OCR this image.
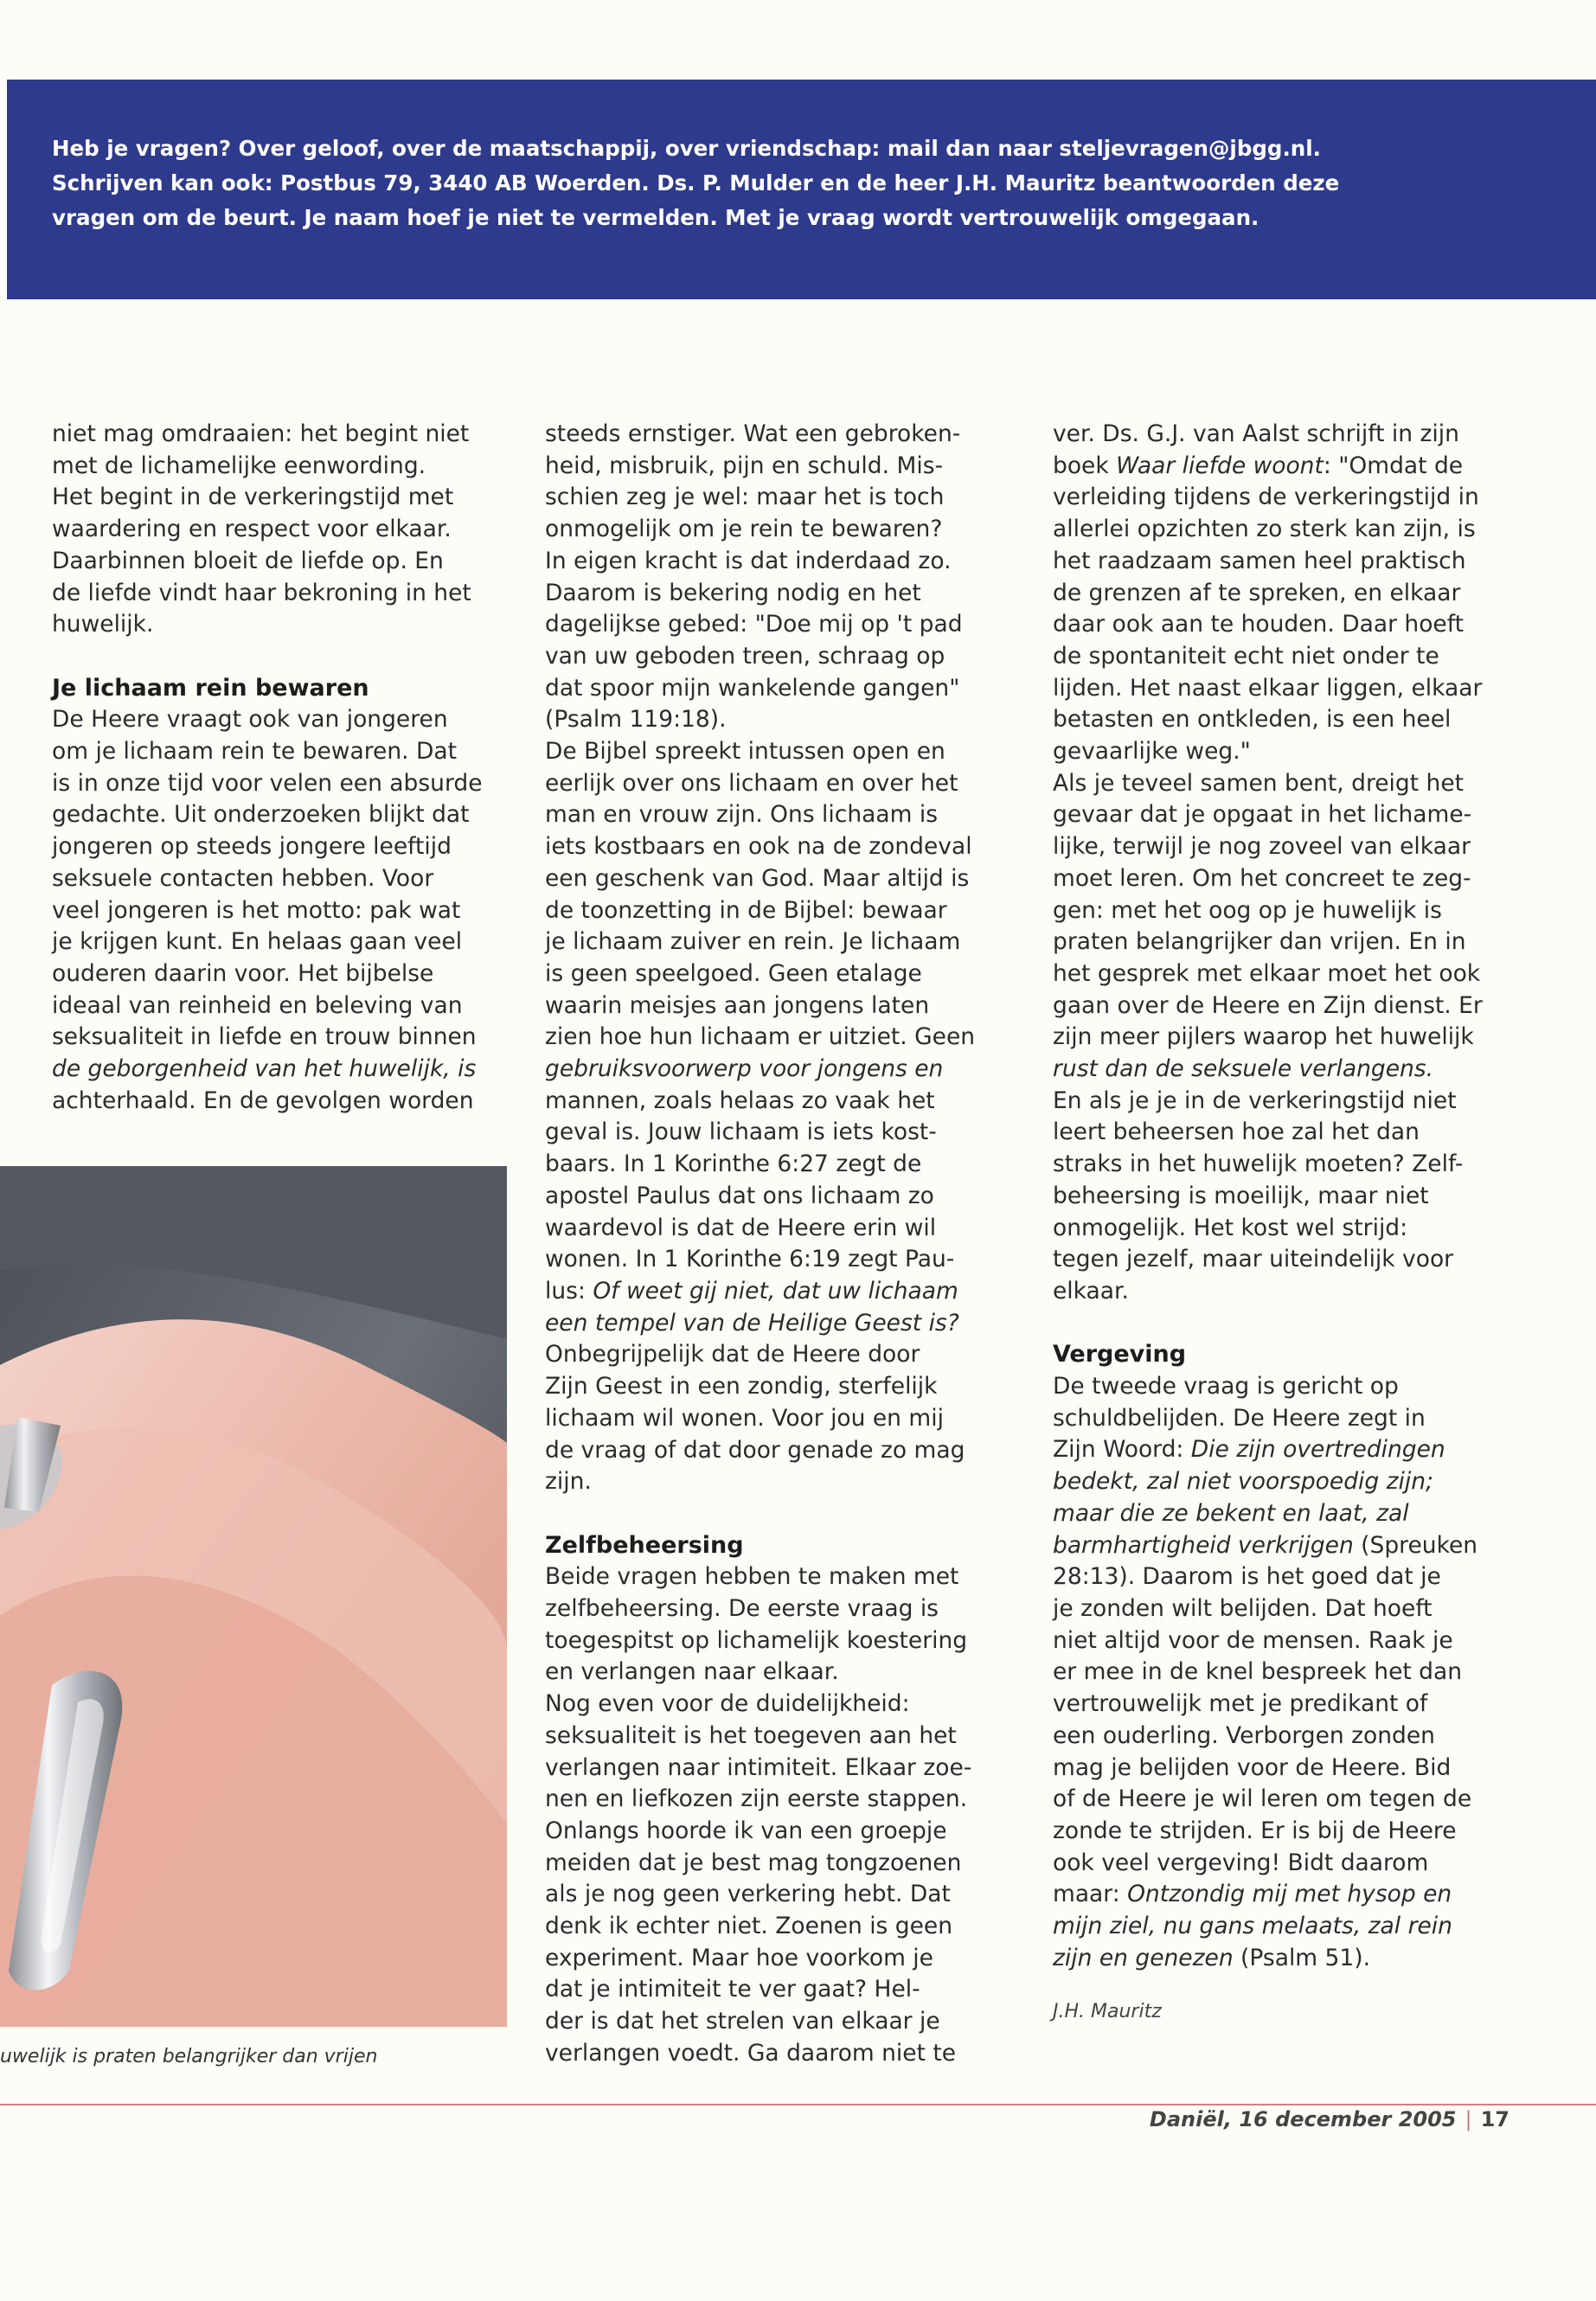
Heb je vragen? Over geloof, over de maatschappij, over vriendschap: mail dan naar steljevragen@jbgg.nl.

Schrijven kan ook: Postbus 79, 3440 AB Woerden. Ds. P. Mulder en de heer J.H. Mauritz beantwoorden deze

vragen om de beurt. Je naam hoef je niet te vermelden. Met je vraag wordt vertrouwelijk omgegaan.

niet mag omdraaien: het begint niet

met de lichamelijke eenwording.

Het begint in de verkeringstijd met

waardering en respect voor elkaar.

Daarbinnen bloeit de liefde op. En

de liefde vindt haar bekroning in het

huwelijk.

Je lichaam rein bewaren

De Heere vraagt ook van jongeren

om je lichaam rein te bewaren. Dat

is in onze tijd voor velen een absurde

gedachte. Uit onderzoeken blijkt dat

jongeren op steeds jongere leeftijd

seksuele contacten hebben. Voor

veel jongeren is het motto: pak wat

je krijgen kunt. En helaas gaan veel

ouderen daarin voor. Het bijbelse

ideaal van reinheid en beleving van

seksualiteit in liefde en trouw binnen

de geborgenheid van het huwelijk, is

achterhaald. En de gevolgen worden

uwelijk is praten belangrijker dan vrijen

steeds ernstiger. Wat een gebroken-

heid, misbruik, pijn en schuld. Mis-

schien zeg je wel: maar het is toch

onmogelijk om je rein te bewaren?

In eigen kracht is dat inderdaad zo.

Daarom is bekering nodig en het

dagelijkse gebed: "Doe mij op 't pad

van uw geboden treen, schraag op

dat spoor mijn wankelende gangen"

(Psalm 119:18).

De Bijbel spreekt intussen open en

eerlijk over ons lichaam en over het

man en vrouw zijn. Ons lichaam is

iets kostbaars en ook na de zondeval

een geschenk van God. Maar altijd is

de toonzetting in de Bijbel: bewaar

je lichaam zuiver en rein. Je lichaam

is geen speelgoed. Geen etalage

waarin meisjes aan jongens laten

zien hoe hun lichaam er uitziet. Geen

gebruiksvoorwerp voor jongens en

mannen, zoals helaas zo vaak het

geval is. Jouw lichaam is iets kost-

baars. In 1 Korinthe 6:27 zegt de

apostel Paulus dat ons lichaam zo

waardevol is dat de Heere erin wil

wonen. In 1 Korinthe 6:19 zegt Pau-

lus: Of weet gij niet, dat uw lichaam

een tempel van de Heilige Geest is?

Onbegrijpelijk dat de Heere door

Zijn Geest in een zondig, sterfelijk

lichaam wil wonen. Voor jou en mij

de vraag of dat door genade zo mag

zijn.

Zelfbeheersing

Beide vragen hebben te maken met

zelfbeheersing. De eerste vraag is

toegespitst op lichamelijk koestering

en verlangen naar elkaar.

Nog even voor de duidelijkheid:

seksualiteit is het toegeven aan het

verlangen naar intimiteit. Elkaar zoe-

nen en liefkozen zijn eerste stappen.

Onlangs hoorde ik van een groepje

meiden dat je best mag tongzoenen

als je nog geen verkering hebt. Dat

denk ik echter niet. Zoenen is geen

experiment. Maar hoe voorkom je

dat je intimiteit te ver gaat? Hel-

der is dat het strelen van elkaar je

verlangen voedt. Ga daarom niet te

ver. Ds. G.J. van Aalst schrijft in zijn

boek Waar liefde woont: "Omdat de

verleiding tijdens de verkeringstijd in

allerlei opzichten zo sterk kan zijn, is

het raadzaam samen heel praktisch

de grenzen af te spreken, en elkaar

daar ook aan te houden. Daar hoeft

de spontaniteit echt niet onder te

lijden. Het naast elkaar liggen, elkaar

betasten en ontkleden, is een heel

gevaarlijke weg."

Als je teveel samen bent, dreigt het

gevaar dat je opgaat in het lichame-

lijke, terwijl je nog zoveel van elkaar

moet leren. Om het concreet te zeg-

gen: met het oog op je huwelijk is

praten belangrijker dan vrijen. En in

het gesprek met elkaar moet het ook

gaan over de Heere en Zijn dienst. Er

zijn meer pijlers waarop het huwelijk

rust dan de seksuele verlangens.

En als je je in de verkeringstijd niet

leert beheersen hoe zal het dan

straks in het huwelijk moeten? Zelf-

beheersing is moeilijk, maar niet

onmogelijk. Het kost wel strijd:

tegen jezelf, maar uiteindelijk voor

elkaar.

Vergeving

De tweede vraag is gericht op

schuldbelijden. De Heere zegt in

Zijn Woord: Die zijn overtredingen

bedekt, zal niet voorspoedig zijn;

maar die ze bekent en laat, zal

barmhartigheid verkrijgen (Spreuken

28:13). Daarom is het goed dat je

je zonden wilt belijden. Dat hoeft

niet altijd voor de mensen. Raak je

er mee in de knel bespreek het dan

vertrouwelijk met je predikant of

een ouderling. Verborgen zonden

mag je belijden voor de Heere. Bid

of de Heere je wil leren om tegen de

zonde te strijden. Er is bij de Heere

ook veel vergeving! Bidt daarom

maar: Ontzondig mij met hysop en

mijn ziel, nu gans melaats, zal rein

zijn en genezen (Psalm 51).

J.H. Mauritz

Daniël, 16 december 2005 | 17
